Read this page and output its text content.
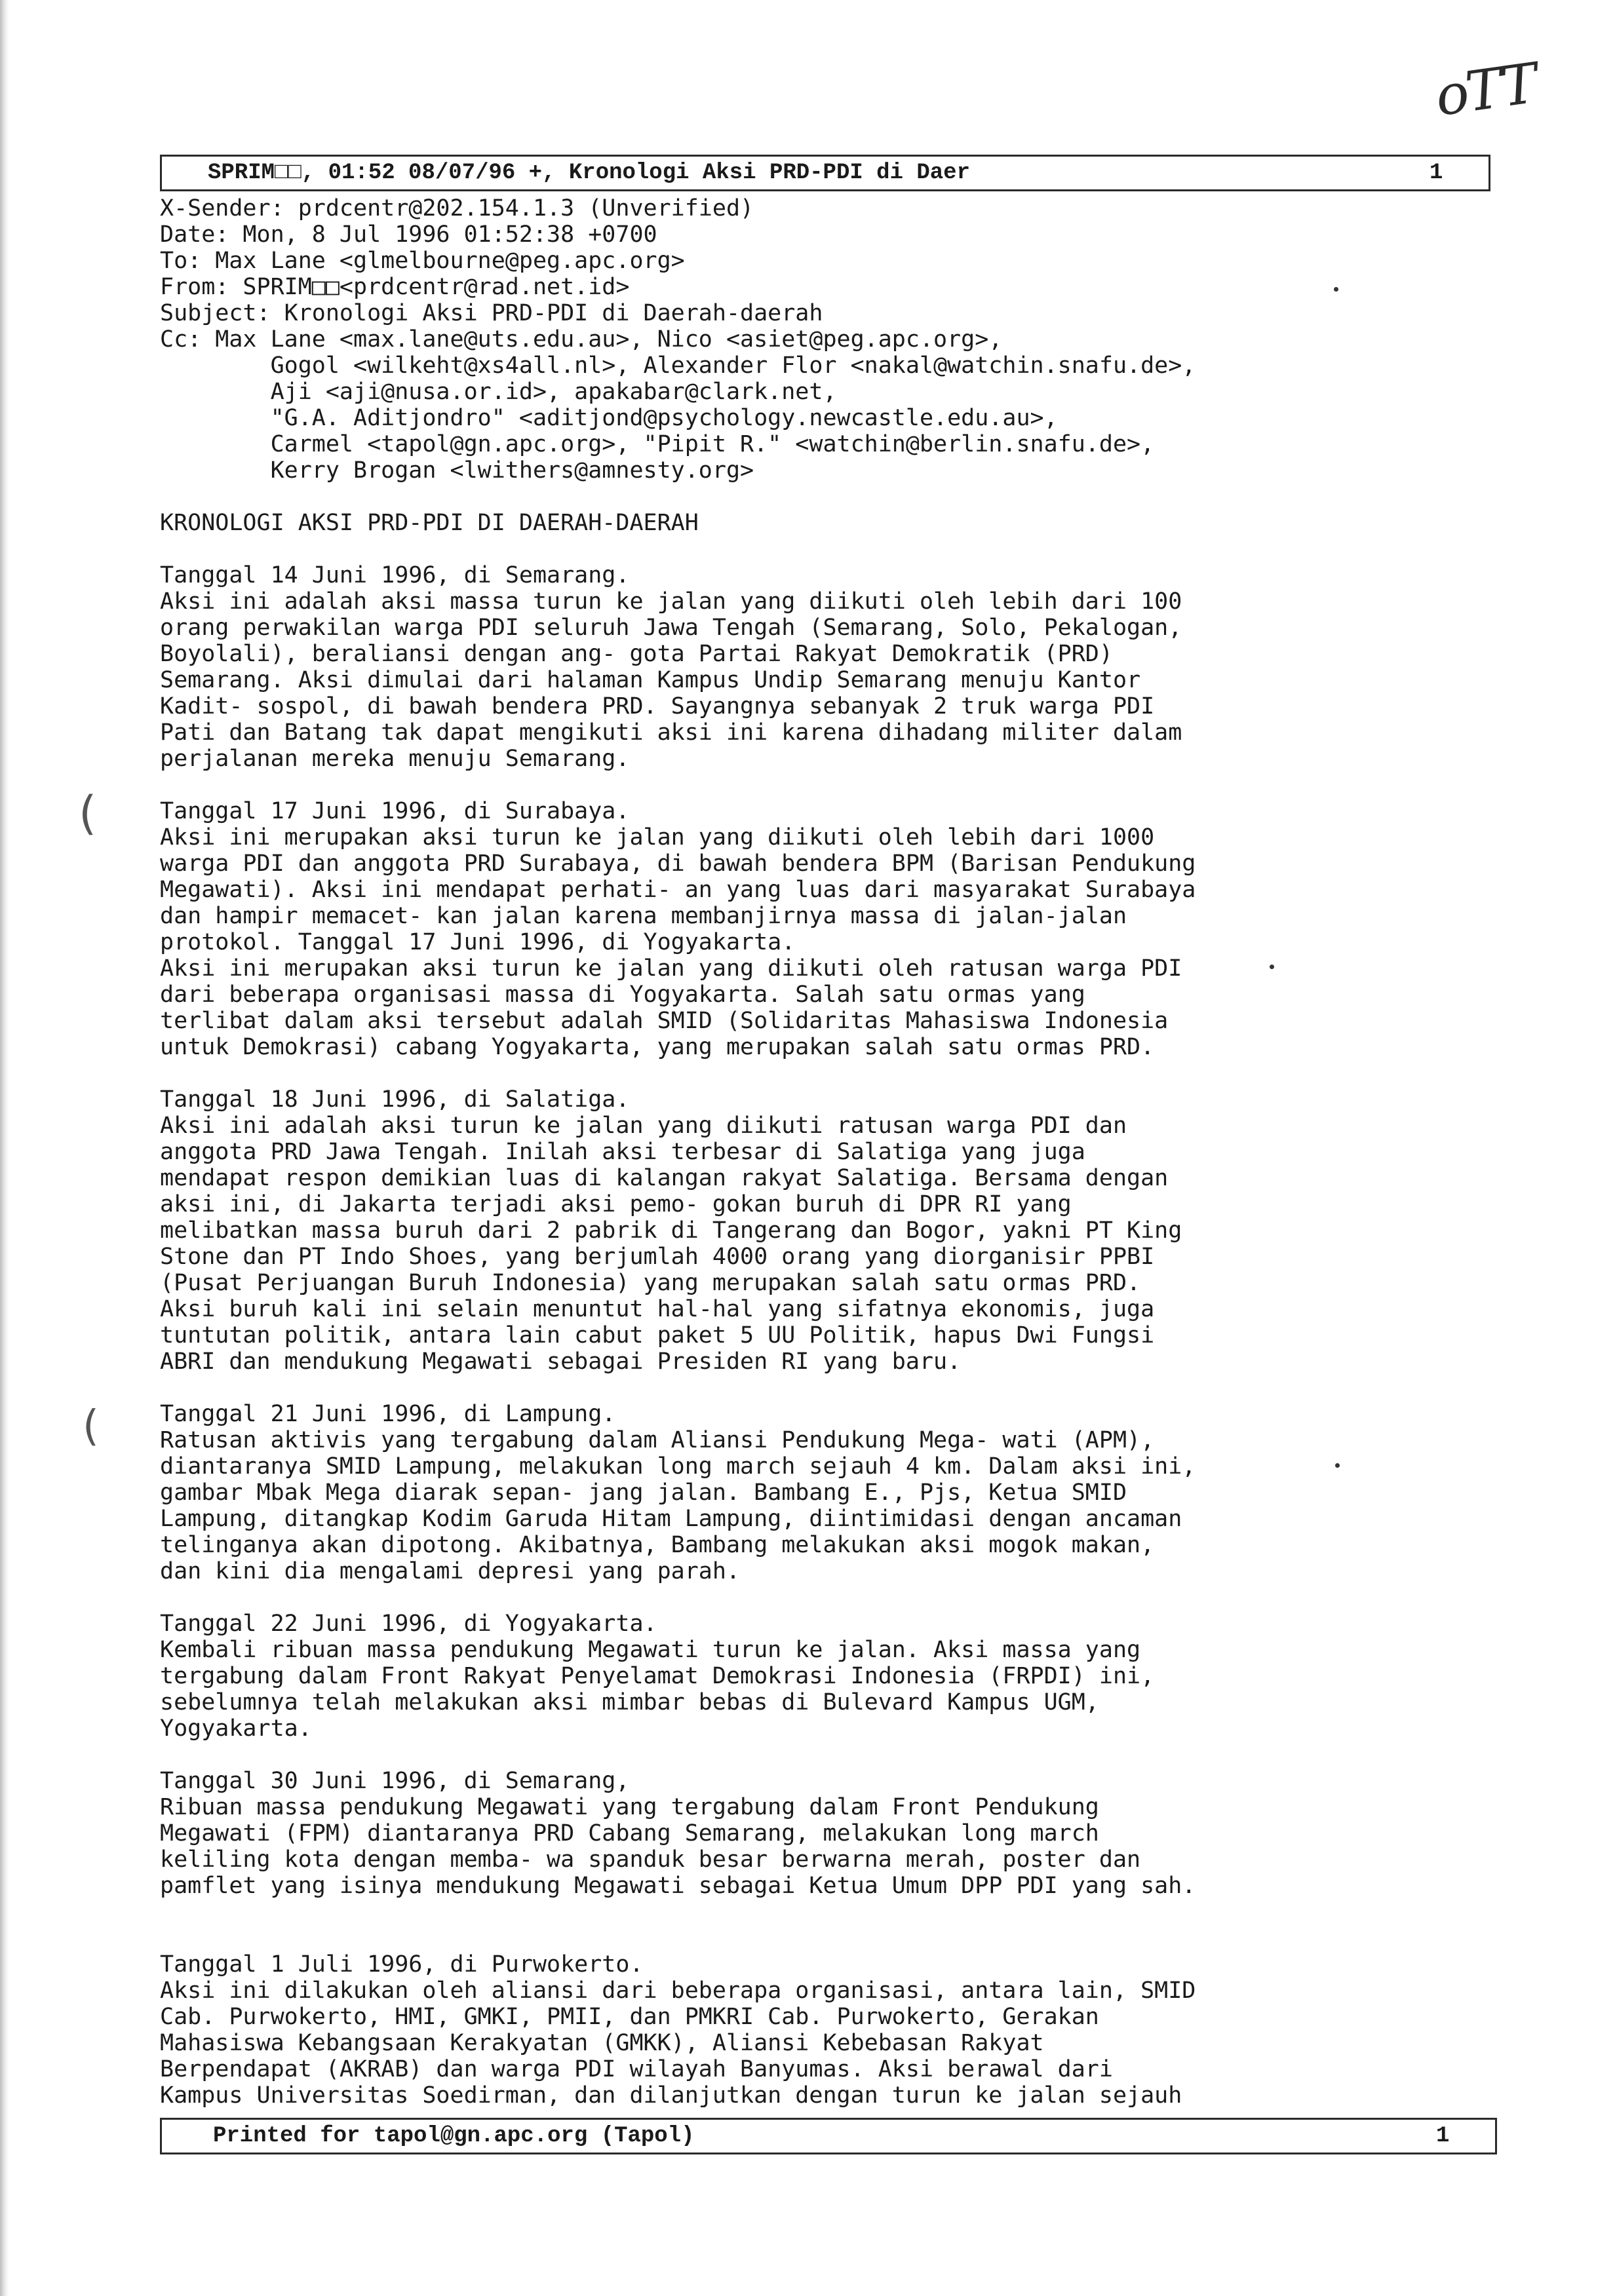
oTT
SPRIM□□, 01:52 08/07/96 +, Kronologi Aksi PRD-PDI di Daer	1
X-Sender: prdcentr@202.154.1.3 (Unverified)
Date: Mon, 8 Jul 1996 01:52:38 +0700
To: Max Lane <glmelbourne@peg.apc.org>
From: SPRIM□□<prdcentr@rad.net.id>
Subject: Kronologi Aksi PRD-PDI di Daerah-daerah
Cc: Max Lane <max.lane@uts.edu.au>, Nico <asiet@peg.apc.org>,
Gogol <wilkeht@xs4all.nl>, Alexander Flor <nakal@watchin.snafu.de>,
Aji <aji@nusa.or.id>, apakabar@clark.net,
"G.A. Aditjondro" <aditjond@psychology.newcastle.edu.au>,
Carmel <tapol@gn.apc.org>, "Pipit R." <watchin@berlin.snafu.de>,
Kerry Brogan <lwithers@amnesty.org>

KRONOLOGI AKSI PRD-PDI DI DAERAH-DAERAH

Tanggal 14 Juni 1996, di Semarang.
Aksi ini adalah aksi massa turun ke jalan yang diikuti oleh lebih dari 100
orang perwakilan warga PDI seluruh Jawa Tengah (Semarang, Solo, Pekalogan,
Boyolali), beraliansi dengan ang- gota Partai Rakyat Demokratik (PRD)
Semarang. Aksi dimulai dari halaman Kampus Undip Semarang menuju Kantor
Kadit- sospol, di bawah bendera PRD. Sayangnya sebanyak 2 truk warga PDI
Pati dan Batang tak dapat mengikuti aksi ini karena dihadang militer dalam
perjalanan mereka menuju Semarang.

Tanggal 17 Juni 1996, di Surabaya.
Aksi ini merupakan aksi turun ke jalan yang diikuti oleh lebih dari 1000
warga PDI dan anggota PRD Surabaya, di bawah bendera BPM (Barisan Pendukung
Megawati). Aksi ini mendapat perhati- an yang luas dari masyarakat Surabaya
dan hampir memacet- kan jalan karena membanjirnya massa di jalan-jalan
protokol. Tanggal 17 Juni 1996, di Yogyakarta.
Aksi ini merupakan aksi turun ke jalan yang diikuti oleh ratusan warga PDI
dari beberapa organisasi massa di Yogyakarta. Salah satu ormas yang
terlibat dalam aksi tersebut adalah SMID (Solidaritas Mahasiswa Indonesia
untuk Demokrasi) cabang Yogyakarta, yang merupakan salah satu ormas PRD.

Tanggal 18 Juni 1996, di Salatiga.
Aksi ini adalah aksi turun ke jalan yang diikuti ratusan warga PDI dan
anggota PRD Jawa Tengah. Inilah aksi terbesar di Salatiga yang juga
mendapat respon demikian luas di kalangan rakyat Salatiga. Bersama dengan
aksi ini, di Jakarta terjadi aksi pemo- gokan buruh di DPR RI yang
melibatkan massa buruh dari 2 pabrik di Tangerang dan Bogor, yakni PT King
Stone dan PT Indo Shoes, yang berjumlah 4000 orang yang diorganisir PPBI
(Pusat Perjuangan Buruh Indonesia) yang merupakan salah satu ormas PRD.
Aksi buruh kali ini selain menuntut hal-hal yang sifatnya ekonomis, juga
tuntutan politik, antara lain cabut paket 5 UU Politik, hapus Dwi Fungsi
ABRI dan mendukung Megawati sebagai Presiden RI yang baru.

Tanggal 21 Juni 1996, di Lampung.
Ratusan aktivis yang tergabung dalam Aliansi Pendukung Mega- wati (APM),
diantaranya SMID Lampung, melakukan long march sejauh 4 km. Dalam aksi ini,
gambar Mbak Mega diarak sepan- jang jalan. Bambang E., Pjs, Ketua SMID
Lampung, ditangkap Kodim Garuda Hitam Lampung, diintimidasi dengan ancaman
telinganya akan dipotong. Akibatnya, Bambang melakukan aksi mogok makan,
dan kini dia mengalami depresi yang parah.

Tanggal 22 Juni 1996, di Yogyakarta.
Kembali ribuan massa pendukung Megawati turun ke jalan. Aksi massa yang
tergabung dalam Front Rakyat Penyelamat Demokrasi Indonesia (FRPDI) ini,
sebelumnya telah melakukan aksi mimbar bebas di Bulevard Kampus UGM,
Yogyakarta.

Tanggal 30 Juni 1996, di Semarang,
Ribuan massa pendukung Megawati yang tergabung dalam Front Pendukung
Megawati (FPM) diantaranya PRD Cabang Semarang, melakukan long march
keliling kota dengan memba- wa spanduk besar berwarna merah, poster dan
pamflet yang isinya mendukung Megawati sebagai Ketua Umum DPP PDI yang sah.

Tanggal 1 Juli 1996, di Purwokerto.
Aksi ini dilakukan oleh aliansi dari beberapa organisasi, antara lain, SMID
Cab. Purwokerto, HMI, GMKI, PMII, dan PMKRI Cab. Purwokerto, Gerakan
Mahasiswa Kebangsaan Kerakyatan (GMKK), Aliansi Kebebasan Rakyat
Berpendapat (AKRAB) dan warga PDI wilayah Banyumas. Aksi berawal dari
Kampus Universitas Soedirman, dan dilanjutkan dengan turun ke jalan sejauh
(
(
Printed for tapol@gn.apc.org (Tapol)	1
